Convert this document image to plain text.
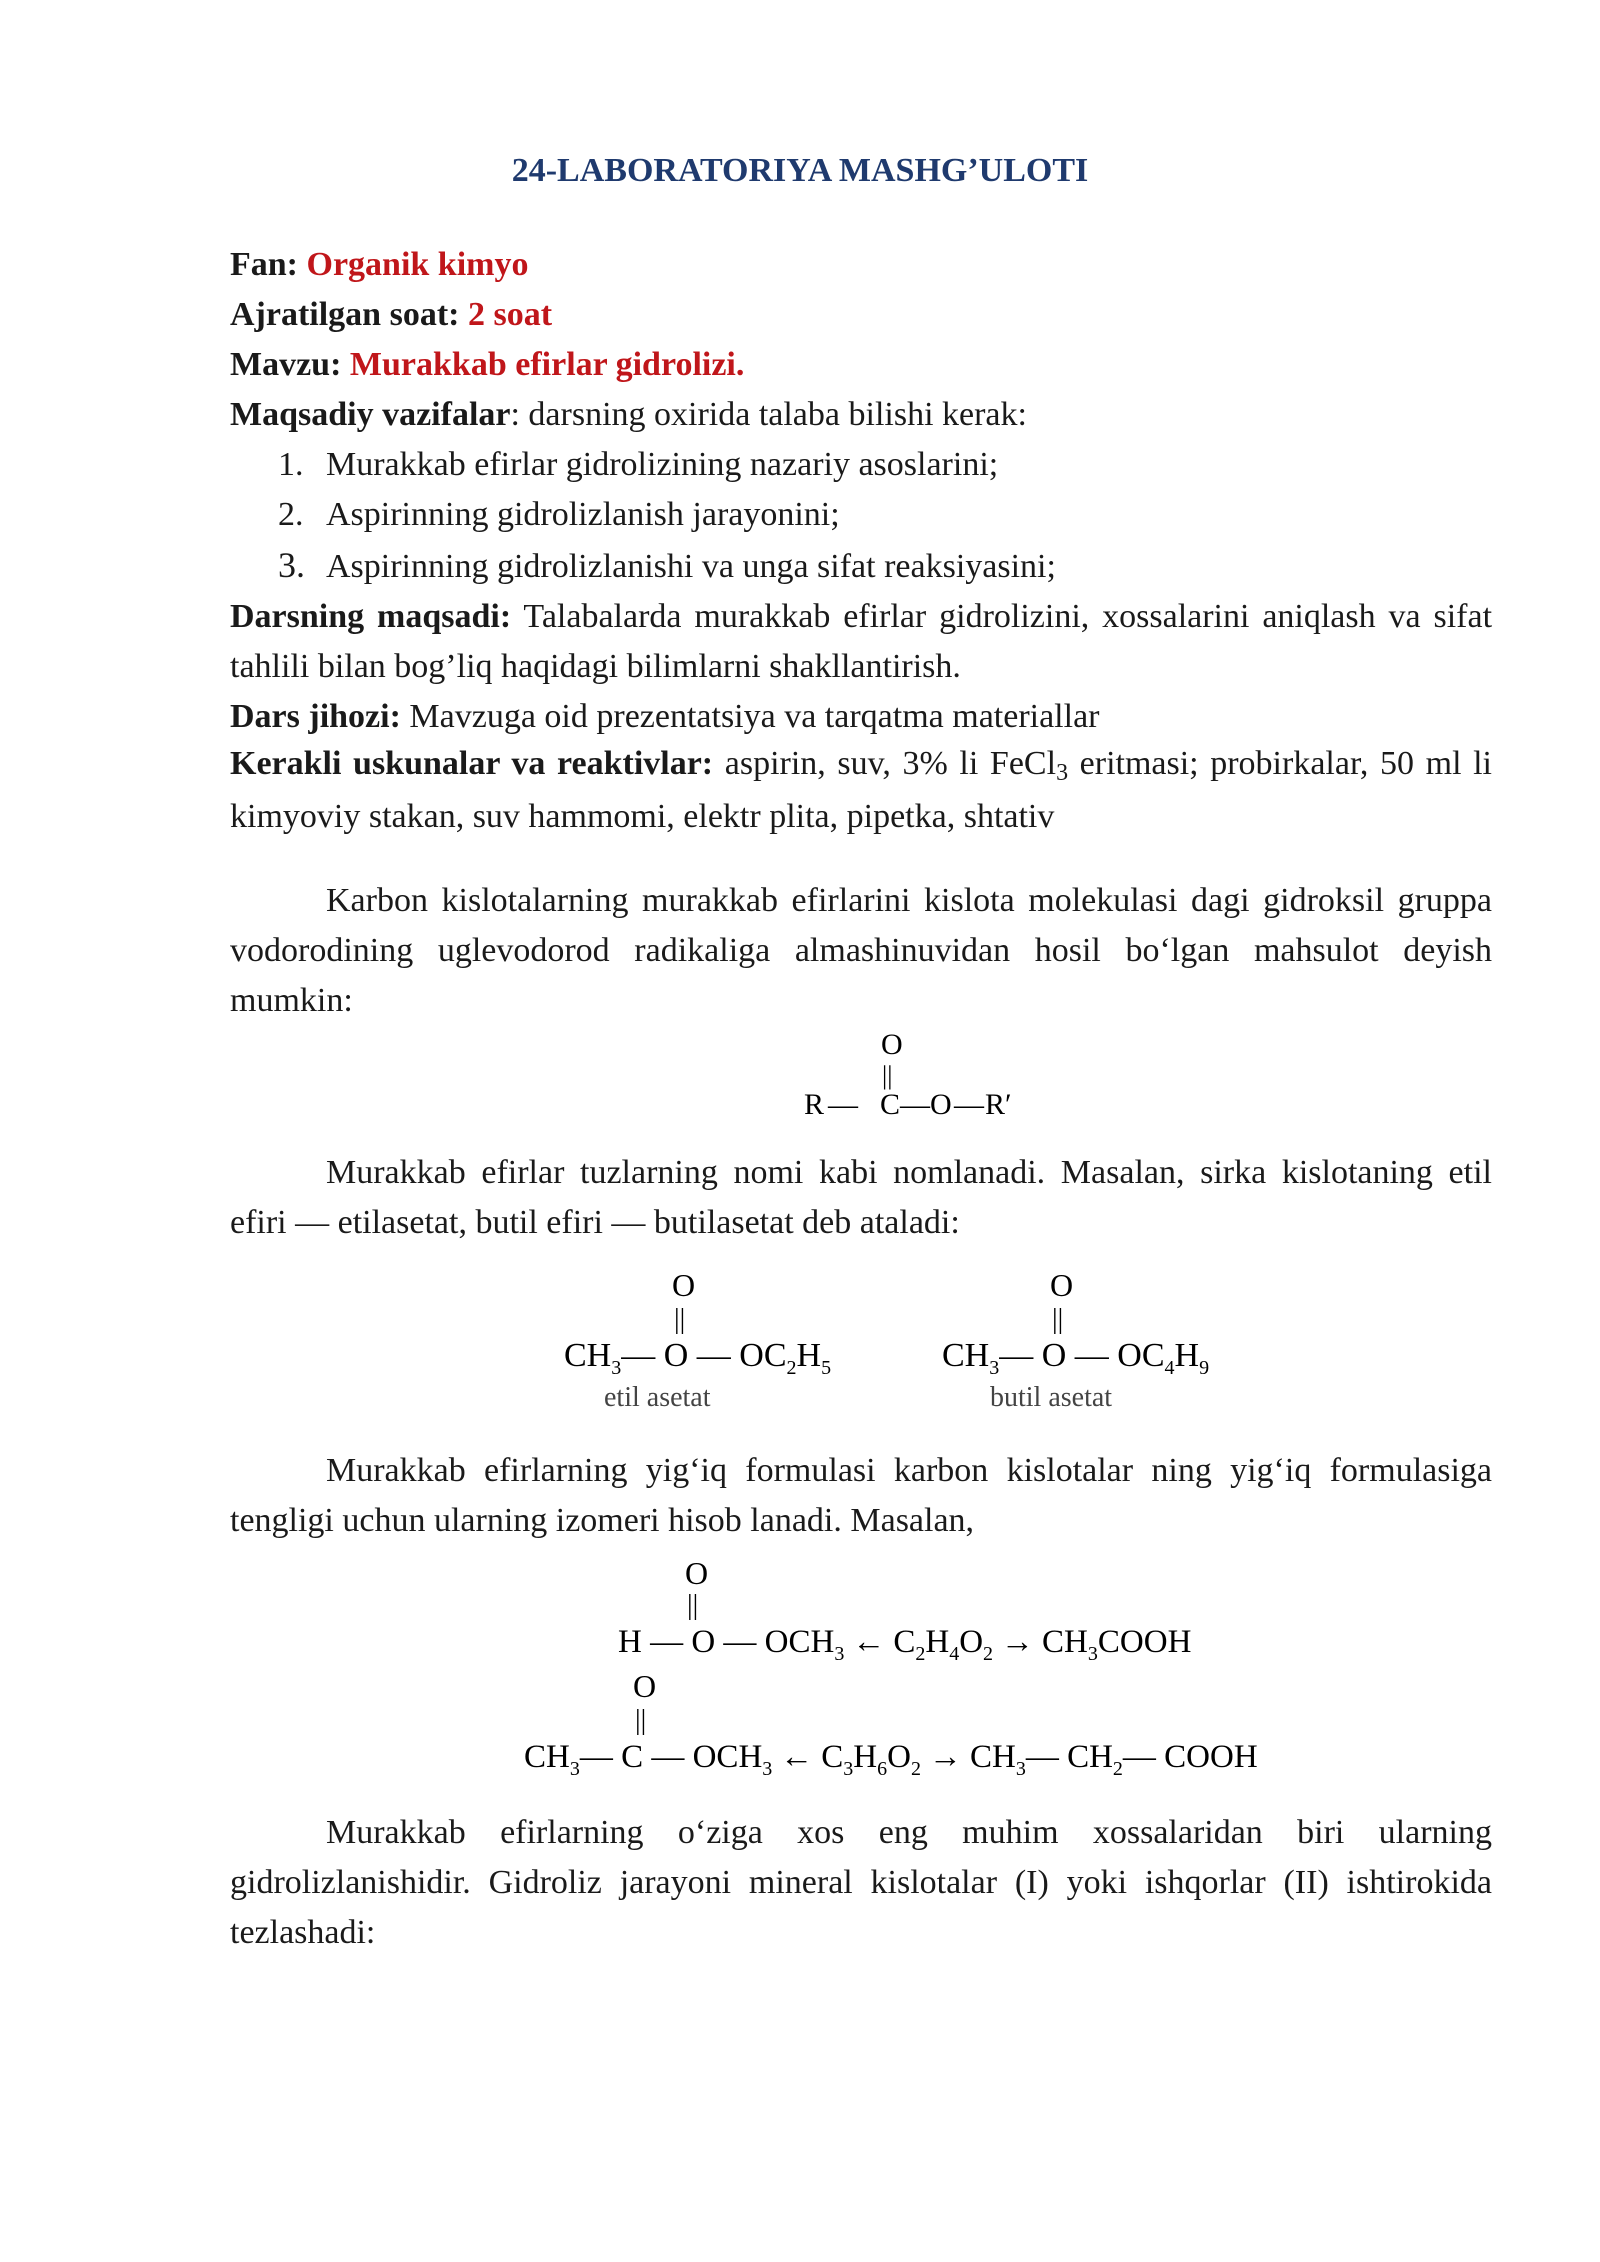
24-LABORATORIYA MASHG’ULOTI

Fan: Organik kimyo

Ajratilgan soat: 2 soat

Mavzu: Murakkab efirlar gidrolizi.

Maqsadiy vazifalar: darsning oxirida talaba bilishi kerak:

1. Murakkab efirlar gidrolizining nazariy asoslarini;
2. Aspirinning gidrolizlanish jarayonini;
3. Aspirinning gidrolizlanishi va unga sifat reaksiyasini;

Darsning maqsadi: Talabalarda murakkab efirlar gidrolizini, xossalarini aniqlash va sifat tahlili bilan bog’liq haqidagi bilimlarni shakllantirish.

Dars jihozi: Mavzuga oid prezentatsiya va tarqatma materiallar

Kerakli uskunalar va reaktivlar: aspirin, suv, 3% li FeCl$_3$ eritmasi; probirkalar, 50 ml li kimyoviy stakan, suv hammomi, elektr plita, pipetka, shtativ

Karbon kislotalarning murakkab efirlarini kislota molekulasi dagi gidroksil gruppa vodorodining uglevodorod radikaliga almashinuvidan hosil bo‘lgan mahsulot deyish mumkin:

O
||
R — C — O — R′

Murakkab efirlar tuzlarning nomi kabi nomlanadi. Masalan, sirka kislotaning etil efiri — etilasetat, butil efiri — butilasetat deb ataladi:

O
||
$CH_3—$ O — $OC_2H_5$
etil asetat
O
||
$CH_3—$ O — $OC_4H_9$
butil asetat

Murakkab efirlarning yig‘iq formulasi karbon kislotalar ning yig‘iq formulasiga tengligi uchun ularning izomeri hisob lanadi. Masalan,

O
||
H — O — $OCH_3$ ← $C_2H_4O_2$ → $CH_3COOH$
O
||
$CH_3—$ C — $OCH_3$ ← $C_3H_6O_2$ → $CH_3—$ $CH_2—$ COOH

Murakkab efirlarning o‘ziga xos eng muhim xossalaridan biri ularning gidrolizlanishidir. Gidroliz jarayoni mineral kislotalar (I) yoki ishqorlar (II) ishtirokida tezlashadi:
